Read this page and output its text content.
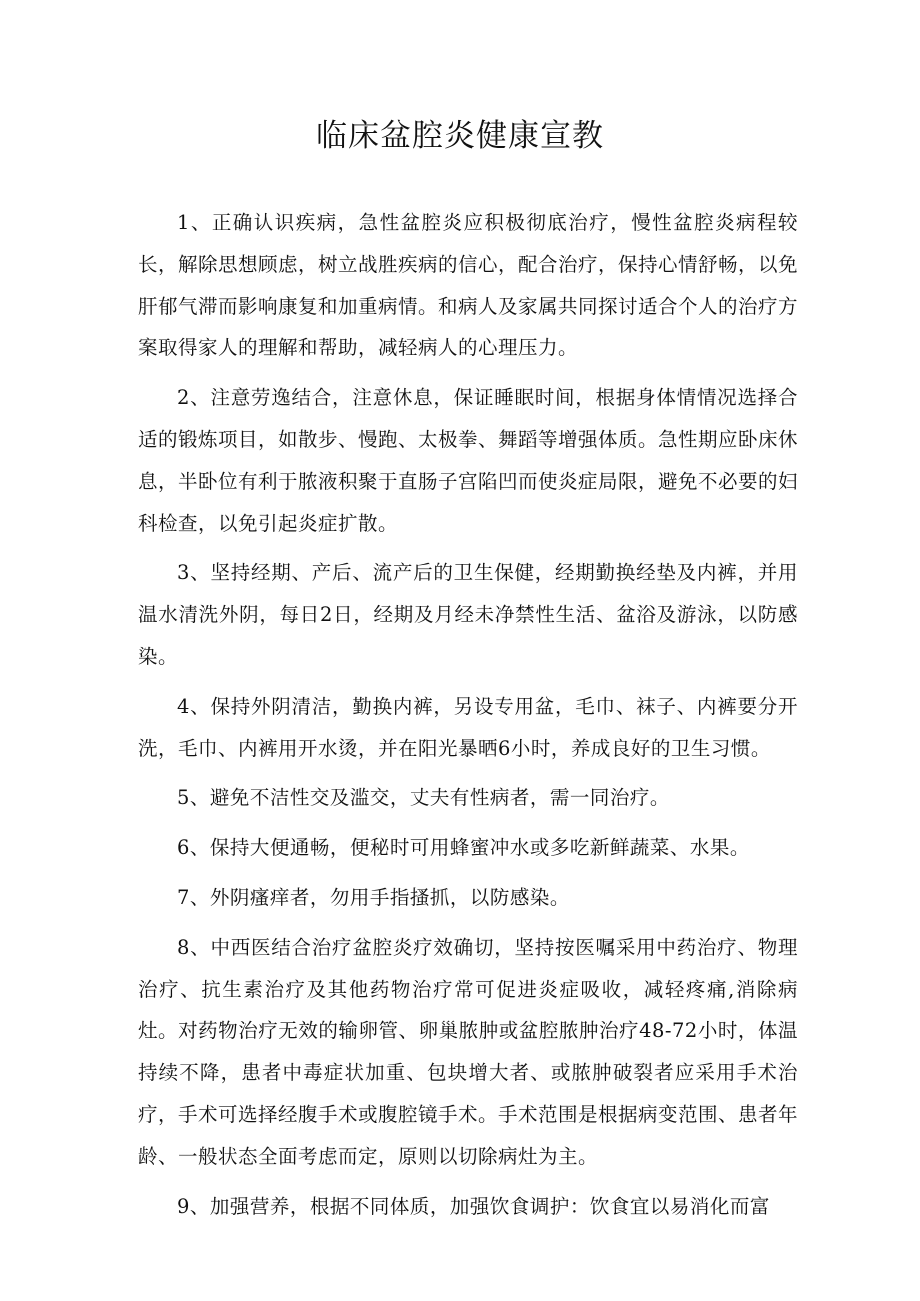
临床盆腔炎健康宣教

1、正确认识疾病，急性盆腔炎应积极彻底治疗，慢性盆腔炎病程较长，解除思想顾虑，树立战胜疾病的信心，配合治疗，保持心情舒畅，以免肝郁气滞而影响康复和加重病情。和病人及家属共同探讨适合个人的治疗方案取得家人的理解和帮助，减轻病人的心理压力。

2、注意劳逸结合，注意休息，保证睡眠时间，根据身体情情况选择合适的锻炼项目，如散步、慢跑、太极拳、舞蹈等增强体质。急性期应卧床休息，半卧位有利于脓液积聚于直肠子宫陷凹而使炎症局限，避免不必要的妇科检查，以免引起炎症扩散。

3、坚持经期、产后、流产后的卫生保健，经期勤换经垫及内裤，并用温水清洗外阴，每日2日，经期及月经未净禁性生活、盆浴及游泳，以防感染。

4、保持外阴清洁，勤换内裤，另设专用盆，毛巾、袜子、内裤要分开洗，毛巾、内裤用开水烫，并在阳光暴晒6小时，养成良好的卫生习惯。

5、避免不洁性交及滥交，丈夫有性病者，需一同治疗。

6、保持大便通畅，便秘时可用蜂蜜冲水或多吃新鲜蔬菜、水果。

7、外阴瘙痒者，勿用手指搔抓，以防感染。

8、中西医结合治疗盆腔炎疗效确切，坚持按医嘱采用中药治疗、物理治疗、抗生素治疗及其他药物治疗常可促进炎症吸收，减轻疼痛,消除病灶。对药物治疗无效的输卵管、卵巢脓肿或盆腔脓肿治疗48-72小时，体温持续不降，患者中毒症状加重、包块增大者、或脓肿破裂者应采用手术治疗，手术可选择经腹手术或腹腔镜手术。手术范围是根据病变范围、患者年龄、一般状态全面考虑而定，原则以切除病灶为主。

9、加强营养，根据不同体质，加强饮食调护：饮食宜以易消化而富
